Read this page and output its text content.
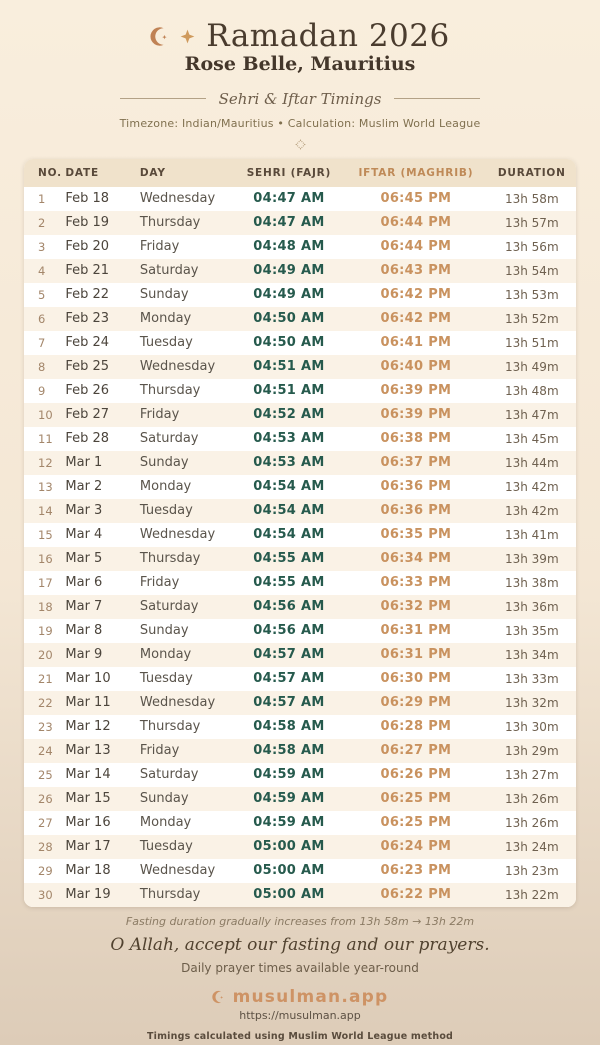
Ramadan 2026
Rose Belle, Mauritius
Sehri & Iftar Timings
Timezone: Indian/Mauritius • Calculation: Muslim World League
NO.	DATE	DAY	SEHRI (FAJR)	IFTAR (MAGHRIB)	DURATION
1	Feb 18	Wednesday	04:47 AM	06:45 PM	13h 58m
2	Feb 19	Thursday	04:47 AM	06:44 PM	13h 57m
3	Feb 20	Friday	04:48 AM	06:44 PM	13h 56m
4	Feb 21	Saturday	04:49 AM	06:43 PM	13h 54m
5	Feb 22	Sunday	04:49 AM	06:42 PM	13h 53m
6	Feb 23	Monday	04:50 AM	06:42 PM	13h 52m
7	Feb 24	Tuesday	04:50 AM	06:41 PM	13h 51m
8	Feb 25	Wednesday	04:51 AM	06:40 PM	13h 49m
9	Feb 26	Thursday	04:51 AM	06:39 PM	13h 48m
10	Feb 27	Friday	04:52 AM	06:39 PM	13h 47m
11	Feb 28	Saturday	04:53 AM	06:38 PM	13h 45m
12	Mar 1	Sunday	04:53 AM	06:37 PM	13h 44m
13	Mar 2	Monday	04:54 AM	06:36 PM	13h 42m
14	Mar 3	Tuesday	04:54 AM	06:36 PM	13h 42m
15	Mar 4	Wednesday	04:54 AM	06:35 PM	13h 41m
16	Mar 5	Thursday	04:55 AM	06:34 PM	13h 39m
17	Mar 6	Friday	04:55 AM	06:33 PM	13h 38m
18	Mar 7	Saturday	04:56 AM	06:32 PM	13h 36m
19	Mar 8	Sunday	04:56 AM	06:31 PM	13h 35m
20	Mar 9	Monday	04:57 AM	06:31 PM	13h 34m
21	Mar 10	Tuesday	04:57 AM	06:30 PM	13h 33m
22	Mar 11	Wednesday	04:57 AM	06:29 PM	13h 32m
23	Mar 12	Thursday	04:58 AM	06:28 PM	13h 30m
24	Mar 13	Friday	04:58 AM	06:27 PM	13h 29m
25	Mar 14	Saturday	04:59 AM	06:26 PM	13h 27m
26	Mar 15	Sunday	04:59 AM	06:25 PM	13h 26m
27	Mar 16	Monday	04:59 AM	06:25 PM	13h 26m
28	Mar 17	Tuesday	05:00 AM	06:24 PM	13h 24m
29	Mar 18	Wednesday	05:00 AM	06:23 PM	13h 23m
30	Mar 19	Thursday	05:00 AM	06:22 PM	13h 22m
Fasting duration gradually increases from 13h 58m → 13h 22m
O Allah, accept our fasting and our prayers.
Daily prayer times available year-round
musulman.app
https://musulman.app
Timings calculated using Muslim World League method
